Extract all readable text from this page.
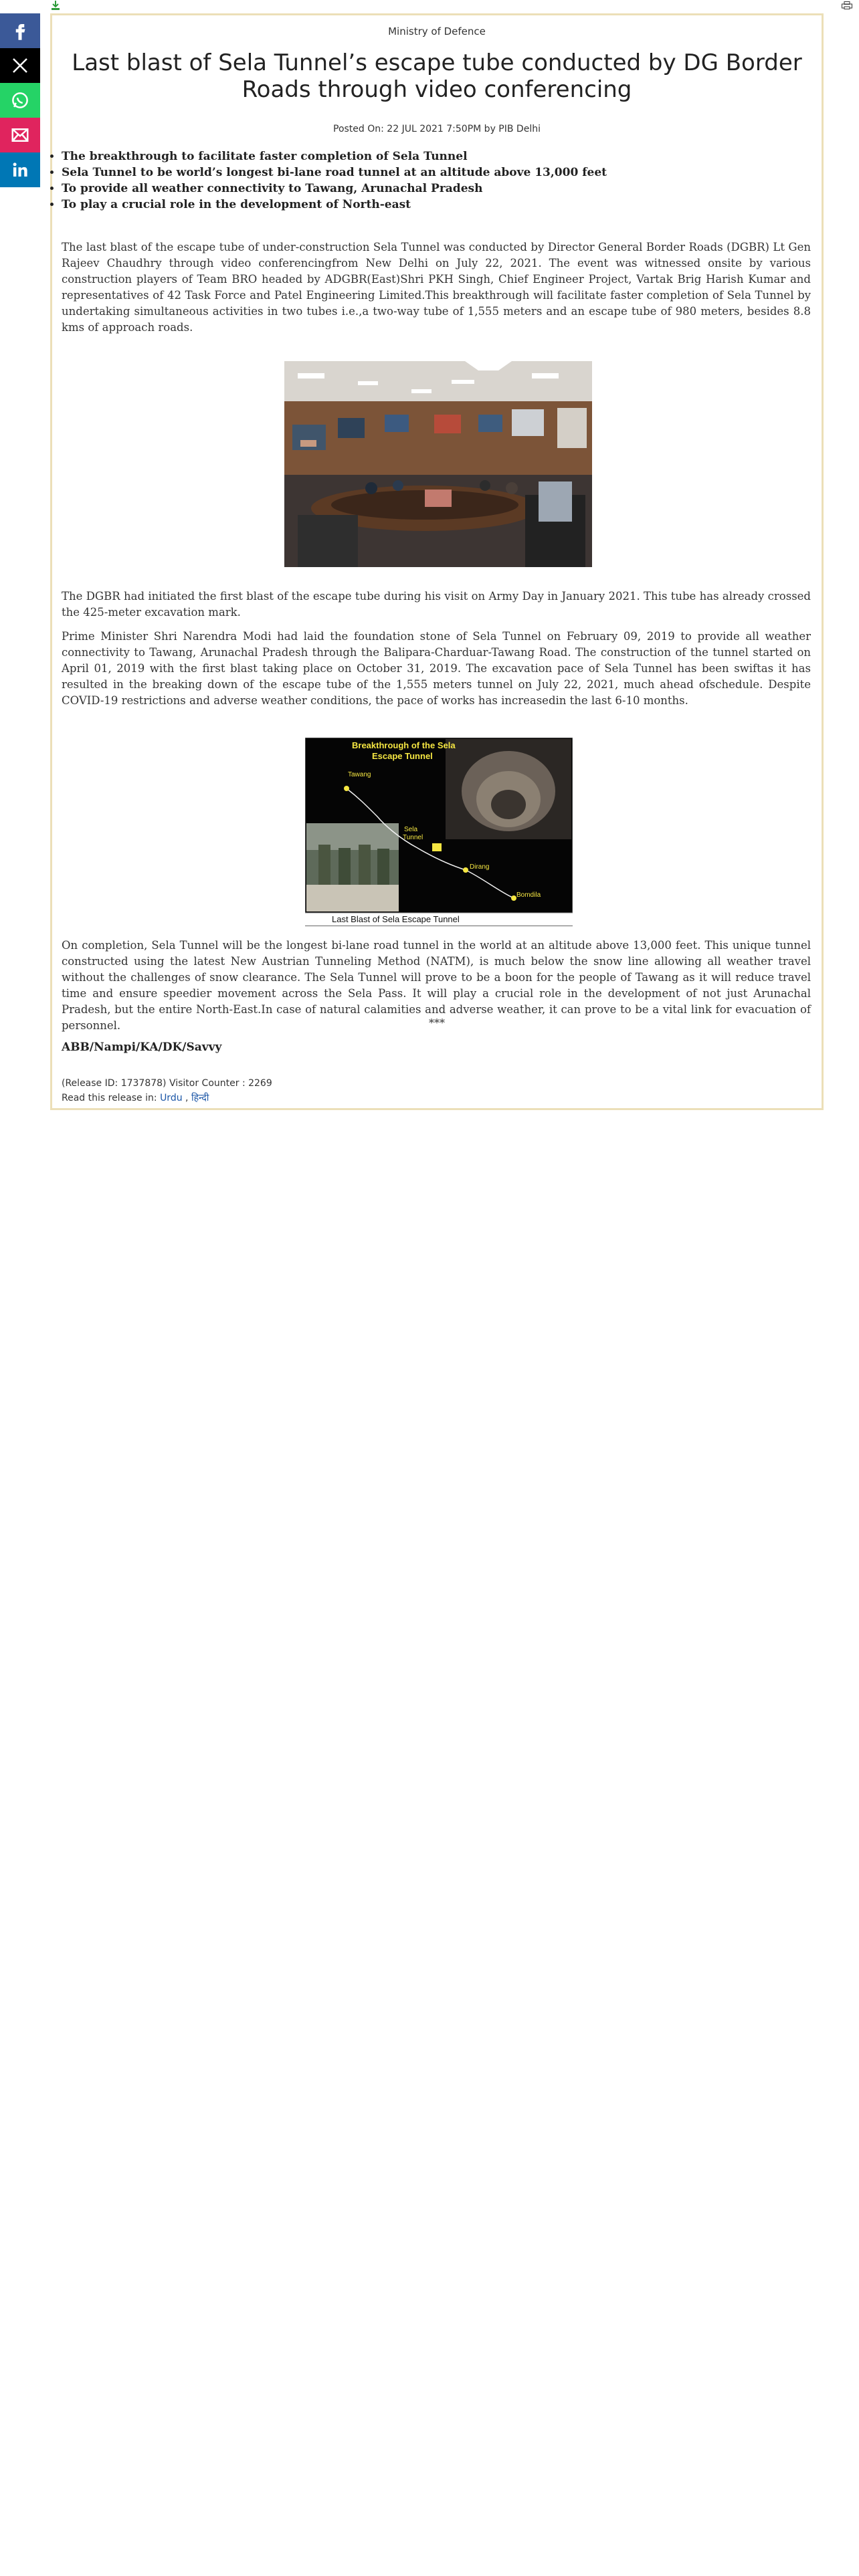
Ministry of Defence
Last blast of Sela Tunnel’s escape tube conducted by DG Border Roads through video conferencing
Posted On: 22 JUL 2021 7:50PM by PIB Delhi
• The breakthrough to facilitate faster completion of Sela Tunnel
• Sela Tunnel to be world’s longest bi-lane road tunnel at an altitude above 13,000 feet
• To provide all weather connectivity to Tawang, Arunachal Pradesh
• To play a crucial role in the development of North-east

The last blast of the escape tube of under-construction Sela Tunnel was conducted by Director General Border Roads (DGBR) Lt Gen Rajeev Chaudhry through video conferencingfrom New Delhi on July 22, 2021. The event was witnessed onsite by various construction players of Team BRO headed by ADGBR(East)Shri PKH Singh, Chief Engineer Project, Vartak Brig Harish Kumar and representatives of 42 Task Force and Patel Engineering Limited.This breakthrough will facilitate faster completion of Sela Tunnel by undertaking simultaneous activities in two tubes i.e.,a two-way tube of 1,555 meters and an escape tube of 980 meters, besides 8.8 kms of approach roads.

The DGBR had initiated the first blast of the escape tube during his visit on Army Day in January 2021. This tube has already crossed the 425-meter excavation mark.

Prime Minister Shri Narendra Modi had laid the foundation stone of Sela Tunnel on February 09, 2019 to provide all weather connectivity to Tawang, Arunachal Pradesh through the Balipara-Charduar-Tawang Road. The construction of the tunnel started on April 01, 2019 with the first blast taking place on October 31, 2019. The excavation pace of Sela Tunnel has been swiftas it has resulted in the breaking down of the escape tube of the 1,555 meters tunnel on July 22, 2021, much ahead ofschedule. Despite COVID-19 restrictions and adverse weather conditions, the pace of works has increasedin the last 6-10 months.

Breakthrough of the Sela
Escape Tunnel
Tawang
Sela
Tunnel
Dirang
Bomdila
Last Blast of Sela Escape Tunnel

On completion, Sela Tunnel will be the longest bi-lane road tunnel in the world at an altitude above 13,000 feet. This unique tunnel constructed using the latest New Austrian Tunneling Method (NATM), is much below the snow line allowing all weather travel without the challenges of snow clearance. The Sela Tunnel will prove to be a boon for the people of Tawang as it will reduce travel time and ensure speedier movement across the Sela Pass. It will play a crucial role in the development of not just Arunachal Pradesh, but the entire North-East.In case of natural calamities and adverse weather, it can prove to be a vital link for evacuation of personnel.	***
ABB/Nampi/KA/DK/Savvy
(Release ID: 1737878) Visitor Counter : 2269
Read this release in: Urdu , हिन्दी
